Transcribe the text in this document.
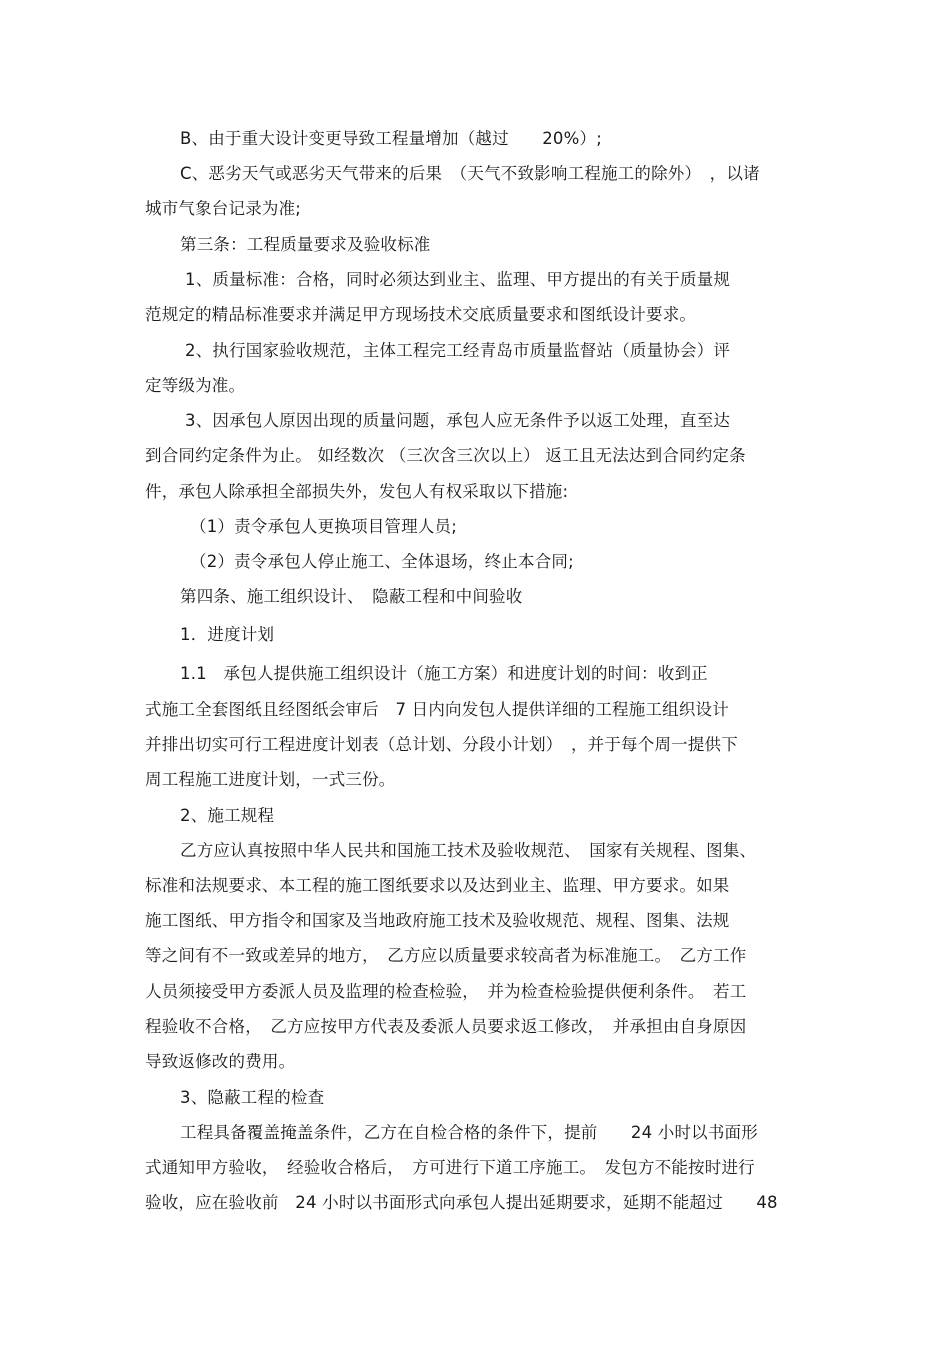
B、由于重大设计变更导致工程量增加（越过　　20%）;
C、恶劣天气或恶劣天气带来的后果　（天气不致影响工程施工的除外）　，以诸
城市气象台记录为准;
第三条：工程质量要求及验收标准
1、质量标准：合格，同时必须达到业主、监理、甲方提出的有关于质量规
范规定的精品标准要求并满足甲方现场技术交底质量要求和图纸设计要求。
2、执行国家验收规范，主体工程完工经青岛市质量监督站（质量协会）评
定等级为准。
3、因承包人原因出现的质量问题，承包人应无条件予以返工处理，直至达
到合同约定条件为止。 如经数次 （三次含三次以上） 返工且无法达到合同约定条
件，承包人除承担全部损失外，发包人有权采取以下措施:
（1）责令承包人更换项目管理人员;
（2）责令承包人停止施工、全体退场，终止本合同;
第四条、施工组织设计、　隐蔽工程和中间验收
1．进度计划
1.1　承包人提供施工组织设计（施工方案）和进度计划的时间：收到正
式施工全套图纸且经图纸会审后　7 日内向发包人提供详细的工程施工组织设计
并排出切实可行工程进度计划表（总计划、分段小计划）　，并于每个周一提供下
周工程施工进度计划，一式三份。
2、施工规程
乙方应认真按照中华人民共和国施工技术及验收规范、　国家有关规程、图集、
标准和法规要求、本工程的施工图纸要求以及达到业主、监理、甲方要求。如果
施工图纸、甲方指令和国家及当地政府施工技术及验收规范、规程、图集、法规
等之间有不一致或差异的地方，　乙方应以质量要求较高者为标准施工。　乙方工作
人员须接受甲方委派人员及监理的检查检验，　并为检查检验提供便利条件。　若工
程验收不合格，　乙方应按甲方代表及委派人员要求返工修改，　并承担由自身原因
导致返修改的费用。
3、隐蔽工程的检查
工程具备覆盖掩盖条件，乙方在自检合格的条件下，提前　　24 小时以书面形
式通知甲方验收，　经验收合格后，　方可进行下道工序施工。　发包方不能按时进行
验收，应在验收前　24 小时以书面形式向承包人提出延期要求，延期不能超过　　48
